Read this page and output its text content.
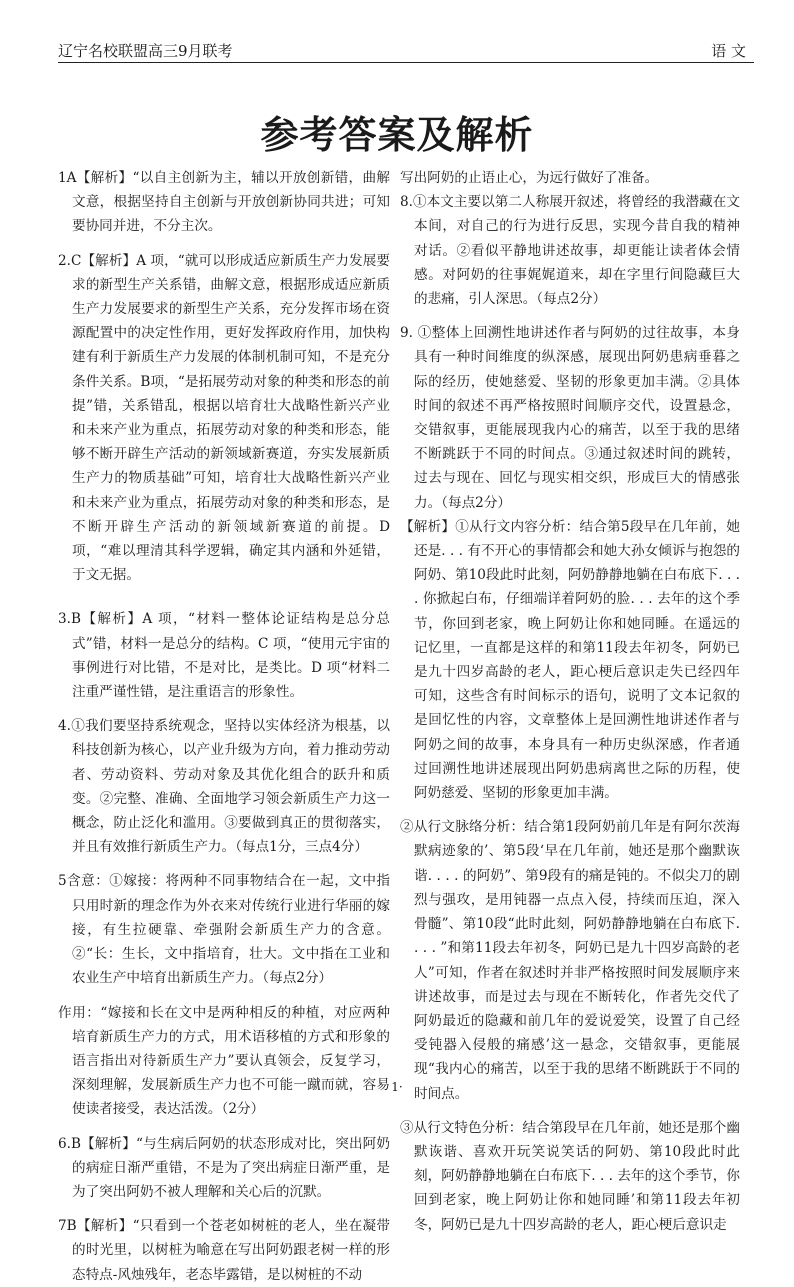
辽宁名校联盟高三9月联考	语 文
参考答案及解析

1A【解析】“以自主创新为主，辅以开放创新错，曲解文意，根据坚持自主创新与开放创新协同共进；可知要协同并进，不分主次。

2.C【解析】A 项，“就可以形成适应新质生产力发展要求的新型生产关系错，曲解文意，根据形成适应新质生产力发展要求的新型生产关系，充分发挥市场在资源配置中的决定性作用，更好发挥政府作用，加快构建有利于新质生产力发展的体制机制可知，不是充分条件关系。B项，“是拓展劳动对象的种类和形态的前提”错，关系错乱，根据以培育壮大战略性新兴产业和未来产业为重点，拓展劳动对象的种类和形态，能够不断开辟生产活动的新领域新赛道，夯实发展新质生产力的物质基础”可知，培育壮大战略性新兴产业和未来产业为重点，拓展劳动对象的种类和形态，是不断开辟生产活动的新领域新赛道的前提。D 项，“难以理清其科学逻辑，确定其内涵和外延错，于文无据。

3.B【解析】A 项，“材料一整体论证结构是总分总式”错，材料一是总分的结构。C 项，“使用元宇宙的事例进行对比错，不是对比，是类比。D 项“材料二注重严谨性错，是注重语言的形象性。

4.①我们要坚持系统观念，坚持以实体经济为根基，以科技创新为核心，以产业升级为方向，着力推动劳动者、劳动资料、劳动对象及其优化组合的跃升和质变。②完整、准确、全面地学习领会新质生产力这一概念，防止泛化和滥用。③要做到真正的贯彻落实，并且有效推行新质生产力。（每点1分，三点4分）

5含意：①嫁接：将两种不同事物结合在一起，文中指只用时新的理念作为外衣来对传统行业进行华丽的嫁接，有生拉硬靠、牵强附会新质生产力的含意。②“长：生长，文中指培育，壮大。文中指在工业和农业生产中培育出新质生产力。（每点2分）

作用：“嫁接和长在文中是两种相反的种植，对应两种培育新质生产力的方式，用术语移植的方式和形象的语言指出对待新质生产力”要认真领会，反复学习，深刻理解，发展新质生产力也不可能一蹴而就，容易使读者接受，表达活泼。（2分）

6.B【解析】“与生病后阿奶的状态形成对比，突出阿奶 的病症日渐严重错，不是为了突出病症日渐严重，是为了突出阿奶不被人理解和关心后的沉默。

7B【解析】“只看到一个苍老如树桩的老人，坐在凝带的时光里，以树桩为喻意在写出阿奶跟老树一样的形态特点-风烛残年，老态毕露错，是以树桩的不动

写出阿奶的止语止心，为远行做好了准备。

8.①本文主要以第二人称展开叙述，将曾经的我潜藏在文本间，对自己的行为进行反思，实现今昔自我的精神对话。②看似平静地讲述故事，却更能让读者体会情感。对阿奶的往事娓娓道来，却在字里行间隐藏巨大的悲痛，引人深思。（每点2分）

9. ①整体上回溯性地讲述作者与阿奶的过往故事，本身具有一种时间维度的纵深感，展现出阿奶患病垂暮之际的经历，使她慈爱、坚韧的形象更加丰满。②具体时间的叙述不再严格按照时间顺序交代，设置悬念，交错叙事，更能展现我内心的痛苦，以至于我的思绪不断跳跃于不同的时间点。③通过叙述时间的跳转，过去与现在、回忆与现实相交织，形成巨大的情感张力。（每点2分）

【解析】①从行文内容分析：结合第5段早在几年前，她还是. . . 有不开心的事情都会和她大孙女倾诉与抱怨的阿奶、第10段此时此刻，阿奶静静地躺在白布底下. . . . 你掀起白布，仔细端详着阿奶的脸. . . 去年的这个季节，你回到老家，晚上阿奶让你和她同睡。在遥远的记忆里，一直都是这样的和第11段去年初冬，阿奶已是九十四岁高龄的老人，距心梗后意识走失已经四年可知，这些含有时间标示的语句，说明了文本记叙的是回忆性的内容，文章整体上是回溯性地讲述作者与阿奶之间的故事，本身具有一种历史纵深感，作者通过回溯性地讲述展现出阿奶患病离世之际的历程，使阿奶慈爱、坚韧的形象更加丰满。

②从行文脉络分析：结合第1段阿奶前几年是有阿尔茨海默病迹象的’、第5段‘早在几年前，她还是那个幽默诙谐. . . . 的阿奶”、第9段有的痛是钝的。不似尖刀的剧烈与强攻，是用钝器一点点入侵，持续而压迫，深入骨髓”、第10段“此时此刻，阿奶静静地躺在白布底下. . . . ”和第11段去年初冬，阿奶已是九十四岁高龄的老人”可知，作者在叙述时并非严格按照时间发展顺序来讲述故事，而是过去与现在不断转化，作者先交代了阿奶最近的隐藏和前几年的爱说爱笑，设置了自己经受钝器入侵般的痛感’这一悬念，交错叙事，更能展现“我内心的痛苦，以至于我的思绪不断跳跃于不同的时间点。

③从行文特色分析：结合第段早在几年前，她还是那个幽默诙谐、喜欢开玩笑说笑话的阿奶、第10段此时此刻，阿奶静静地躺在白布底下. . . 去年的这个季节，你回到老家，晚上阿奶让你和她同睡’和第11段去年初冬，阿奶已是九十四岁高龄的老人，距心梗后意识走

1·
